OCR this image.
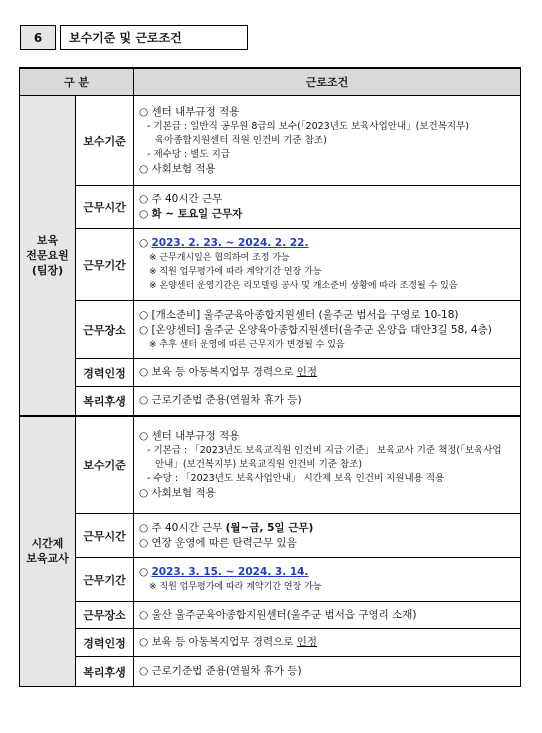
6	보수기준 및 근로조건
구 분		근로조건

보육
전문요원
(팀장)	보수기준	○ 센터 내부규정 적용
- 기본급 : 일반직 공무원 8급의 보수(「2023년도 보육사업안내」(보건복지부)
육아종합지원센터 직원 인건비 기준 참조)
- 제수당 : 별도 지급
○ 사회보험 적용

	근무시간	○ 주 40시간 근무
○ 화 ~ 토요일 근무자

	근무기간	○ 2023. 2. 23. ~ 2024. 2. 22.
※ 근무개시일은 협의하여 조정 가능
※ 직원 업무평가에 따라 계약기간 연장 가능
※ 온양센터 운영기간은 리모델링 공사 및 개소준비 상황에 따라 조정될 수 있음

	근무장소	○ [개소준비] 울주군육아종합지원센터 (울주군 범서읍 구영로 10-18)
○ [온양센터] 울주군 온양육아종합지원센터(울주군 온양읍 대안3길 58, 4층)
※ 추후 센터 운영에 따른 근무지가 변경될 수 있음

	경력인정	○ 보육 등 아동복지업무 경력으로 인정

	복리후생	○ 근로기준법 준용(연월차 휴가 등)

시간제
보육교사	보수기준	○ 센터 내부규정 적용
- 기본급 : 「2023년도 보육교직원 인건비 지급 기준」 보육교사 기준 책정(「보육사업
안내」(보건복지부) 보육교직원 인건비 기준 참조)
- 수당 : 「2023년도 보육사업안내」 시간제 보육 인건비 지원내용 적용
○ 사회보험 적용

	근무시간	○ 주 40시간 근무 (월~금, 5일 근무)
○ 연장 운영에 따른 탄력근무 있음

	근무기간	○ 2023. 3. 15. ~ 2024. 3. 14.
※ 직원 업무평가에 따라 계약기간 연장 가능

	근무장소	○ 울산 울주군육아종합지원센터(울주군 범서읍 구영리 소재)
	경력인정	○ 보육 등 아동복지업무 경력으로 인정

	복리후생	○ 근로기준법 준용(연월차 휴가 등)
